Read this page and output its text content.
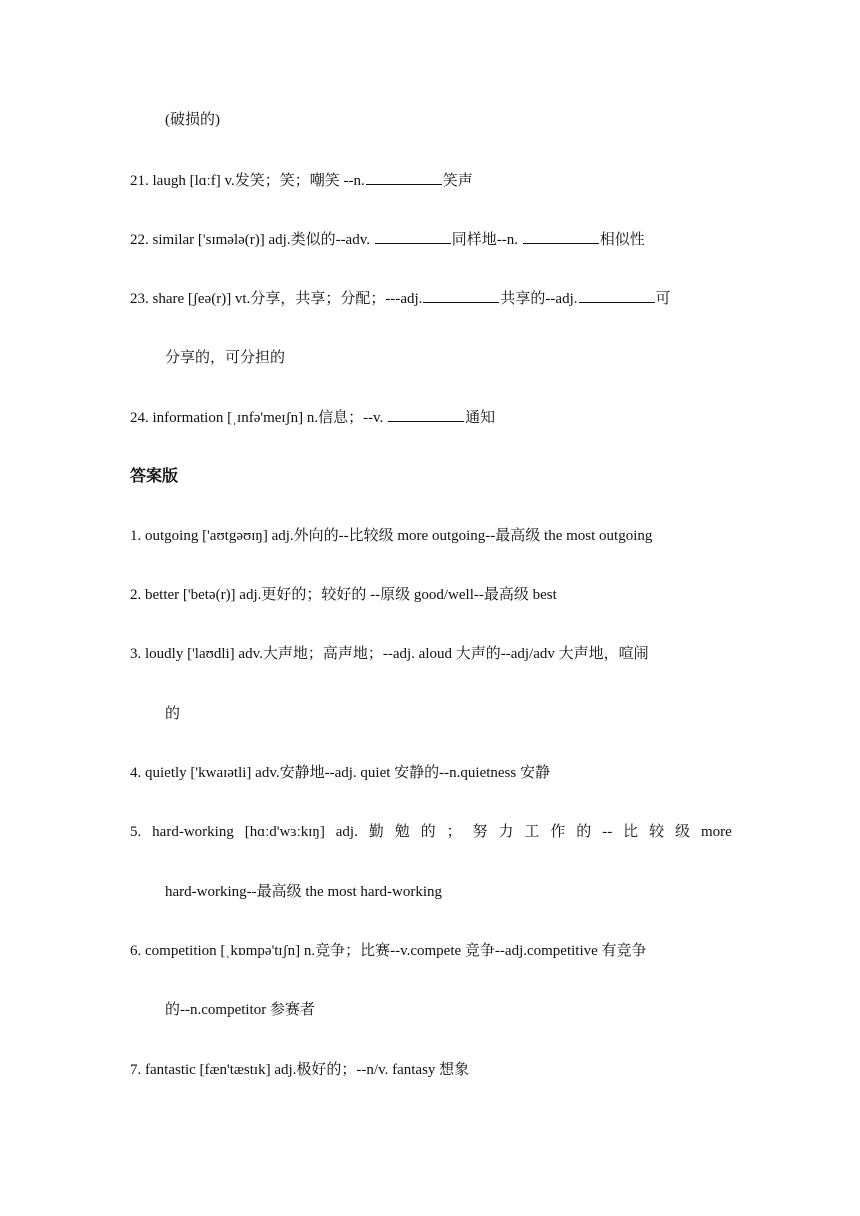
(破损的)
21. laugh [lɑːf] v.发笑；笑；嘲笑 --n.	笑声
22. similar ['sɪmələ(r)] adj.类似的--adv.	同样地--n.	相似性
23. share [ʃeə(r)] vt.分享，共享；分配；---adj.	共享的--adj.	可
分享的，可分担的
24. information [ˌɪnfə'meɪʃn] n.信息；--v.	通知
答案版
1. outgoing ['aʊtgəʊɪŋ] adj.外向的--比较级 more outgoing--最高级 the most outgoing
2. better ['betə(r)] adj.更好的；较好的 --原级 good/well--最高级 best
3. loudly ['laʊdli] adv.大声地；高声地；--adj. aloud 大声的--adj/adv 大声地，喧闹
的
4. quietly ['kwaɪətli] adv.安静地--adj. quiet 安静的--n.quietness 安静
5. hard-working [hɑːd'wɜːkɪŋ] adj. 勤 勉 的 ； 努 力 工 作 的 -- 比 较 级 more
hard-working--最高级 the most hard-working
6. competition [ˌkɒmpə'tɪʃn] n.竞争；比赛--v.compete 竞争--adj.competitive 有竞争
的--n.competitor 参赛者
7. fantastic [fæn'tæstɪk] adj.极好的；--n/v. fantasy 想象
